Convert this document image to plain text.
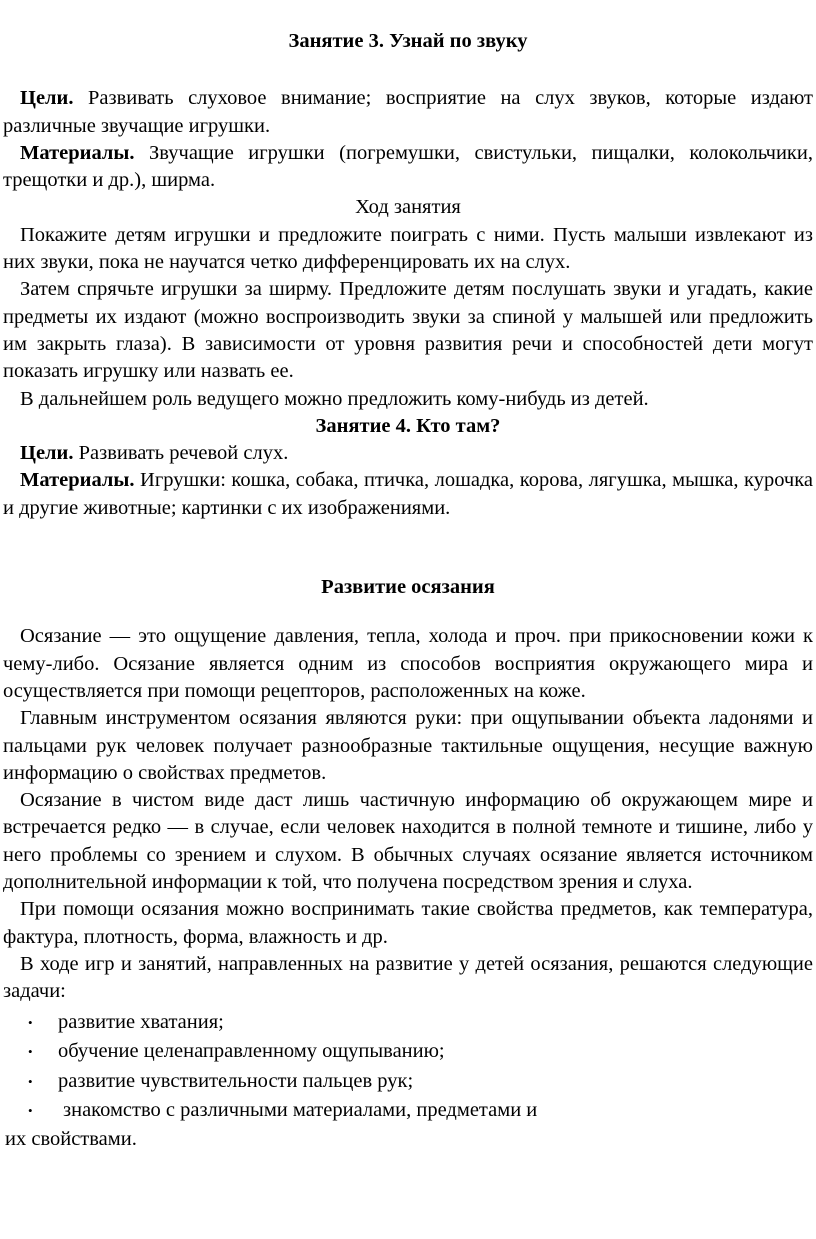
Занятие 3. Узнай по звуку

Цели. Развивать слуховое внимание; восприятие на слух звуков, которые издают различные звучащие игрушки.

Материалы. Звучащие игрушки (погремушки, свистульки, пищалки, колокольчики, трещотки и др.), ширма.

Ход занятия

Покажите детям игрушки и предложите поиграть с ними. Пусть малыши извлекают из них звуки, пока не научатся четко дифференцировать их на слух.

Затем спрячьте игрушки за ширму. Предложите детям послушать звуки и угадать, какие предметы их издают (можно воспроизводить звуки за спиной у малышей или предложить им закрыть глаза). В зависимости от уровня развития речи и способностей дети могут показать игрушку или назвать ее.

В дальнейшем роль ведущего можно предложить кому-нибудь из детей.

Занятие 4. Кто там?

Цели. Развивать речевой слух.

Материалы. Игрушки: кошка, собака, птичка, лошадка, корова, лягушка, мышка, курочка и другие животные; картинки с их изображениями.

Развитие осязания

Осязание — это ощущение давления, тепла, холода и проч. при прикосновении кожи к чему-либо. Осязание является одним из способов восприятия окружающего мира и осуществляется при помощи рецепторов, расположенных на коже.

Главным инструментом осязания являются руки: при ощупывании объекта ладонями и пальцами рук человек получает разнообразные тактильные ощущения, несущие важную информацию о свойствах предметов.

Осязание в чистом виде даст лишь частичную информацию об окружающем мире и встречается редко — в случае, если человек находится в полной темноте и тишине, либо у него проблемы со зрением и слухом. В обычных случаях осязание является источником дополнительной информации к той, что получена посредством зрения и слуха.

При помощи осязания можно воспринимать такие свойства предметов, как температура, фактура, плотность, форма, влажность и др.

В ходе игр и занятий, направленных на развитие у детей осязания, решаются следующие задачи:

• развитие хватания;
• обучение целенаправленному ощупыванию;
• развитие чувствительности пальцев рук;
• знакомство с различными материалами, предметами и

их свойствами.
